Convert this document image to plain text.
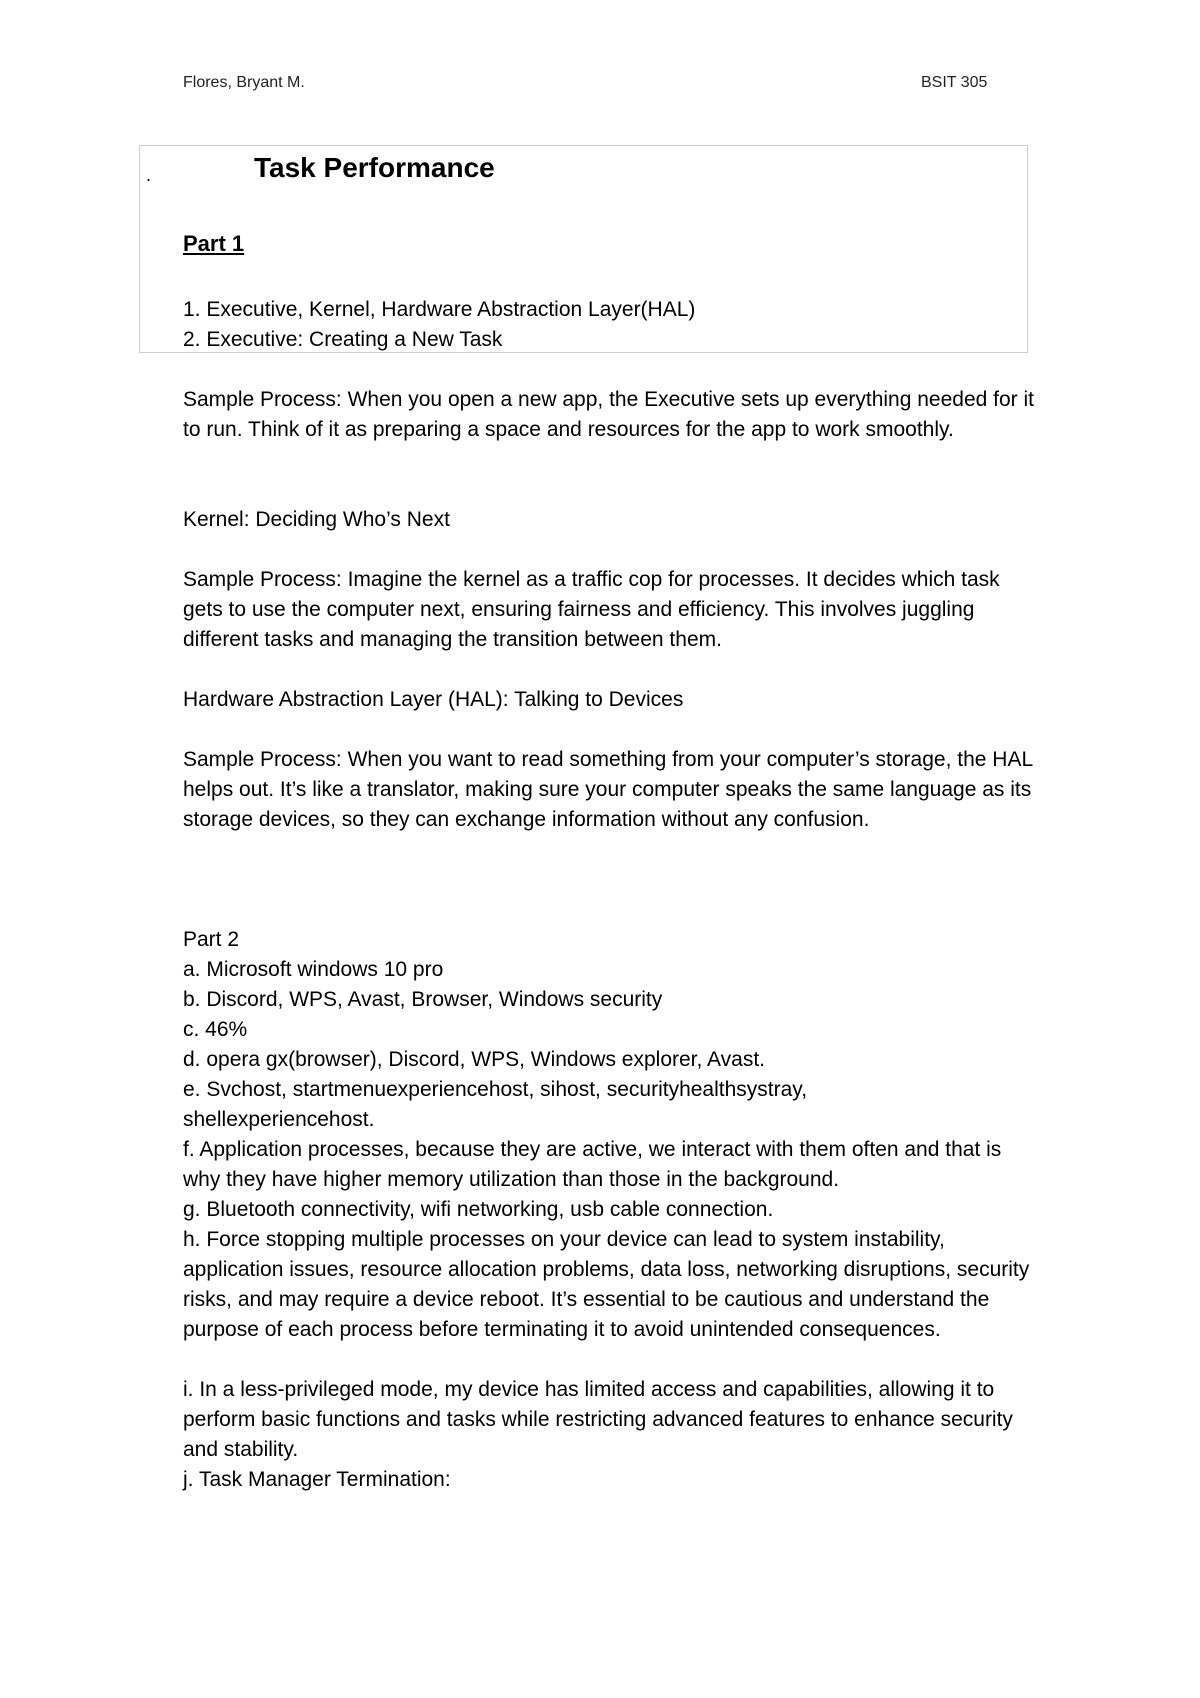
Flores, Bryant M.	BSIT 305
.	Task Performance
Part 1
1. Executive, Kernel, Hardware Abstraction Layer(HAL)
2. Executive: Creating a New Task
Sample Process: When you open a new app, the Executive sets up everything needed for it to run. Think of it as preparing a space and resources for the app to work smoothly.
Kernel: Deciding Who’s Next
Sample Process: Imagine the kernel as a traffic cop for processes. It decides which task gets to use the computer next, ensuring fairness and efficiency. This involves juggling different tasks and managing the transition between them.
Hardware Abstraction Layer (HAL): Talking to Devices
Sample Process: When you want to read something from your computer’s storage, the HAL helps out. It’s like a translator, making sure your computer speaks the same language as its storage devices, so they can exchange information without any confusion.
Part 2
a. Microsoft windows 10 pro
b. Discord, WPS, Avast, Browser, Windows security
c. 46%
d. opera gx(browser), Discord, WPS, Windows explorer, Avast.
e. Svchost, startmenuexperiencehost, sihost, securityhealthsystray, shellexperiencehost.
f. Application processes, because they are active, we interact with them often and that is why they have higher memory utilization than those in the background.
g. Bluetooth connectivity, wifi networking, usb cable connection.
h. Force stopping multiple processes on your device can lead to system instability, application issues, resource allocation problems, data loss, networking disruptions, security risks, and may require a device reboot. It’s essential to be cautious and understand the purpose of each process before terminating it to avoid unintended consequences.
i. In a less-privileged mode, my device has limited access and capabilities, allowing it to perform basic functions and tasks while restricting advanced features to enhance security and stability.
j. Task Manager Termination:
